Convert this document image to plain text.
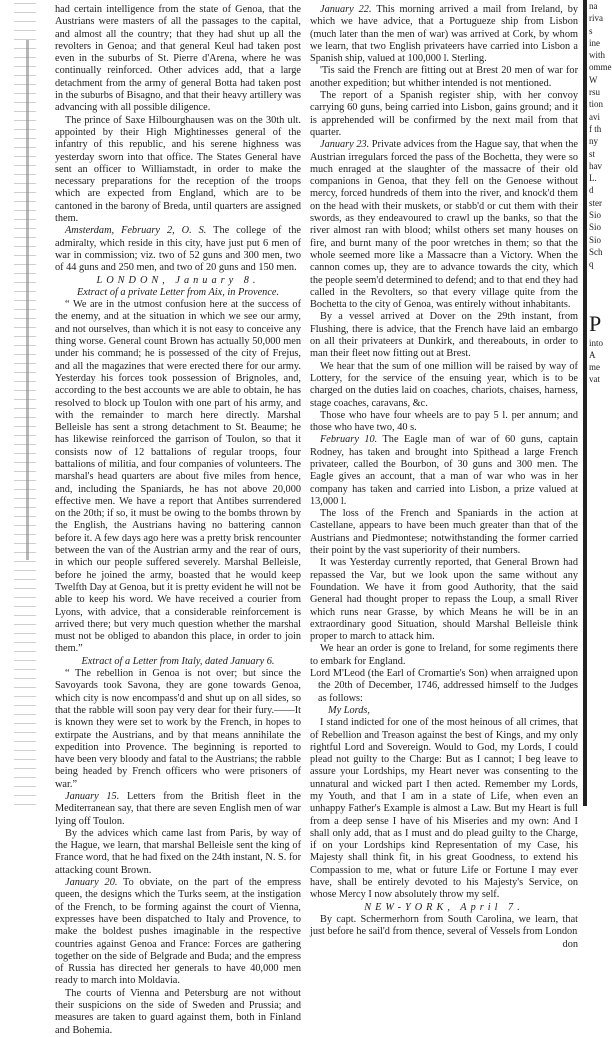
had certain intelligence from the state of Genoa, that the Austrians were masters of all the passages to the capital, and almost all the country; that they had shut up all the revolters in Genoa; and that general Keul had taken post even in the suburbs of St. Pierre d'Arena, where he was continually reinforced. Other advices add, that a large detachment from the army of general Botta had taken post in the suburbs of Bisagno, and that their heavy artillery was advancing with all possible diligence.

The prince of Saxe Hilbourghausen was on the 30th ult. appointed by their High Mightinesses general of the infantry of this republic, and his serene highness was yesterday sworn into that office. The States General have sent an officer to Williamstadt, in order to make the necessary preparations for the reception of the troops which are expected from England, which are to be cantoned in the barony of Breda, until quarters are assigned them.

Amsterdam, February 2, O. S. The college of the admiralty, which reside in this city, have just put 6 men of war in commission; viz. two of 52 guns and 300 men, two of 44 guns and 250 men, and two of 20 guns and 150 men.

LONDON, January 8.
Extract of a private Letter from Aix, in Provence.

“ We are in the utmost confusion here at the success of the enemy, and at the situation in which we see our army, and not ourselves, than which it is not easy to conceive any thing worse. General count Brown has actually 50,000 men under his command; he is possessed of the city of Frejus, and all the magazines that were erected there for our army. Yesterday his forces took possession of Brignoles, and, according to the best accounts we are able to obtain, he has resolved to block up Toulon with one part of his army, and with the remainder to march here directly. Marshal Belleisle has sent a strong detachment to St. Beaume; he has likewise reinforced the garrison of Toulon, so that it consists now of 12 battalions of regular troops, four battalions of militia, and four companies of volunteers. The marshal's head quarters are about five miles from hence, and, including the Spaniards, he has not above 20,000 effective men. We have a report that Antibes surrendered on the 20th; if so, it must be owing to the bombs thrown by the English, the Austrians having no battering cannon before it. A few days ago here was a pretty brisk rencounter between the van of the Austrian army and the rear of ours, in which our people suffered severely. Marshal Belleisle, before he joined the army, boasted that he would keep Twelfth Day at Genoa, but it is pretty evident he will not be able to keep his word. We have received a courier from Lyons, with advice, that a considerable reinforcement is arrived there; but very much question whether the marshal must not be obliged to abandon this place, in order to join them.”

Extract of a Letter from Italy, dated January 6.

“ The rebellion in Genoa is not over; but since the Savoyards took Savona, they are gone towards Genoa, which city is now encompass'd and shut up on all sides, so that the rabble will soon pay very dear for their fury.——It is known they were set to work by the French, in hopes to extirpate the Austrians, and by that means annihilate the expedition into Provence. The beginning is reported to have been very bloody and fatal to the Austrians; the rabble being headed by French officers who were prisoners of war.”

January 15. Letters from the British fleet in the Mediterranean say, that there are seven English men of war lying off Toulon.

By the advices which came last from Paris, by way of the Hague, we learn, that marshal Belleisle sent the king of France word, that he had fixed on the 24th instant, N. S. for attacking count Brown.

January 20. To obviate, on the part of the empress queen, the designs which the Turks seem, at the instigation of the French, to be forming against the court of Vienna, expresses have been dispatched to Italy and Provence, to make the boldest pushes imaginable in the respective countries against Genoa and France: Forces are gathering together on the side of Belgrade and Buda; and the empress of Russia has directed her generals to have 40,000 men ready to march into Moldavia.

The courts of Vienna and Petersburg are not without their suspicions on the side of Sweden and Prussia; and measures are taken to guard against them, both in Finland and Bohemia.

January 22. This morning arrived a mail from Ireland, by which we have advice, that a Portugueze ship from Lisbon (much later than the men of war) was arrived at Cork, by whom we learn, that two English privateers have carried into Lisbon a Spanish ship, valued at 100,000 l. Sterling.

'Tis said the French are fitting out at Brest 20 men of war for another expedition; but whither intended is not mentioned.

The report of a Spanish register ship, with her convoy carrying 60 guns, being carried into Lisbon, gains ground; and it is apprehended will be confirmed by the next mail from that quarter.

January 23. Private advices from the Hague say, that when the Austrian irregulars forced the pass of the Bochetta, they were so much enraged at the slaughter of the massacre of their old companions in Genoa, that they fell on the Genoese without mercy, forced hundreds of them into the river, and knock'd them on the head with their muskets, or stabb'd or cut them with their swords, as they endeavoured to crawl up the banks, so that the river almost ran with blood; whilst others set many houses on fire, and burnt many of the poor wretches in them; so that the whole seemed more like a Massacre than a Victory. When the cannon comes up, they are to advance towards the city, which the people seem'd determined to defend; and to that end they had called in the Revolters, so that every village quite from the Bochetta to the city of Genoa, was entirely without inhabitants.

By a vessel arrived at Dover on the 29th instant, from Flushing, there is advice, that the French have laid an embargo on all their privateers at Dunkirk, and thereabouts, in order to man their fleet now fitting out at Brest.

We hear that the sum of one million will be raised by way of Lottery, for the service of the ensuing year, which is to be charged on the duties laid on coaches, chariots, chaises, harness, stage coaches, caravans, &c.

Those who have four wheels are to pay 5 l. per annum; and those who have two, 40 s.

February 10. The Eagle man of war of 60 guns, captain Rodney, has taken and brought into Spithead a large French privateer, called the Bourbon, of 30 guns and 300 men. The Eagle gives an account, that a man of war who was in her company has taken and carried into Lisbon, a prize valued at 13,000 l.

The loss of the French and Spaniards in the action at Castellane, appears to have been much greater than that of the Austrians and Piedmontese; notwithstanding the former carried their point by the vast superiority of their numbers.

It was Yesterday currently reported, that General Brown had repassed the Var, but we look upon the same without any Foundation. We have it from good Authority, that the said General had thought proper to repass the Loup, a small River which runs near Grasse, by which Means he will be in an extraordinary good Situation, should Marshal Belleisle think proper to march to attack him.

We hear an order is gone to Ireland, for some regiments there to embark for England.

Lord M'Leod (the Earl of Cromartie's Son) when arraigned upon the 20th of December, 1746, addressed himself to the Judges as follows:

My Lords,

I stand indicted for one of the most heinous of all crimes, that of Rebellion and Treason against the best of Kings, and my only rightful Lord and Sovereign. Would to God, my Lords, I could plead not guilty to the Charge: But as I cannot; I beg leave to assure your Lordships, my Heart never was consenting to the unnatural and wicked part I then acted. Remember my Lords, my Youth, and that I am in a state of Life, when even an unhappy Father's Example is almost a Law. But my Heart is full from a deep sense I have of his Miseries and my own: And I shall only add, that as I must and do plead guilty to the Charge, if on your Lordships kind Representation of my Case, his Majesty shall think fit, in his great Goodness, to extend his Compassion to me, what or future Life or Fortune I may ever have, shall be entirely devoted to his Majesty's Service, on whose Mercy I now absolutely throw my self.

NEW-YORK, April 7.

By capt. Schermerhorn from South Carolina, we learn, that just before he sail'd from thence, several of Vessels from London

don
na
riva
s
ine
with
omme
W
rsu
tion
avi
f th
ny
st
hav
L.
d
ster
Sio
Sio
Sio
Sch
q
P
into
A
me
vat
